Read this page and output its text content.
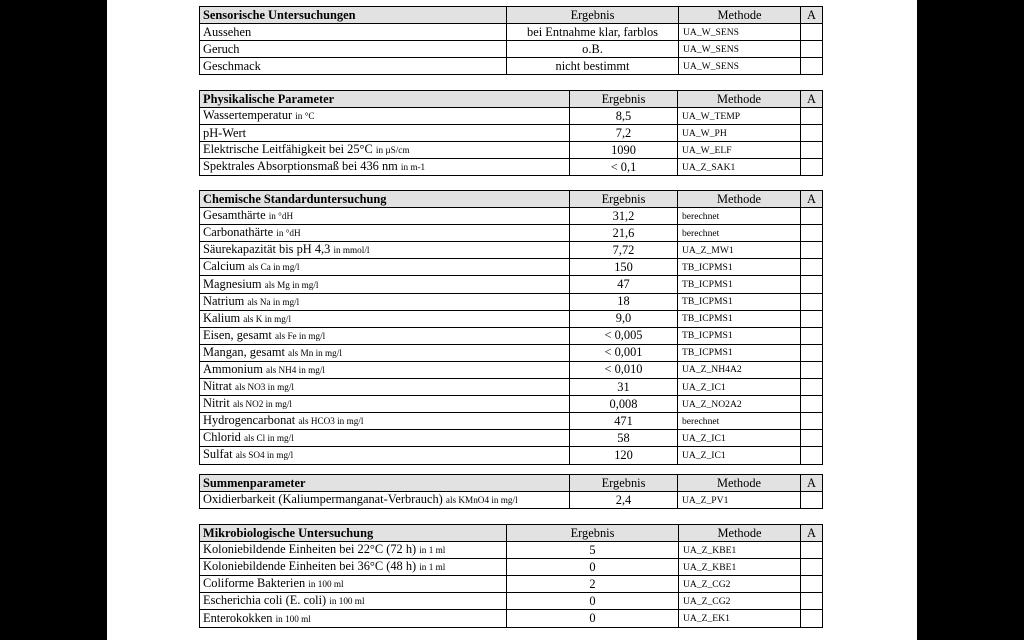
Sensorische Untersuchungen	Ergebnis	Methode	A
Aussehen	bei Entnahme klar, farblos	UA_W_SENS	
Geruch	o.B.	UA_W_SENS	
Geschmack	nicht bestimmt	UA_W_SENS	
Physikalische Parameter	Ergebnis	Methode	A
Wassertemperatur in °C	8,5	UA_W_TEMP	
pH-Wert	7,2	UA_W_PH	
Elektrische Leitfähigkeit bei 25°C in µS/cm	1090	UA_W_ELF	
Spektrales Absorptionsmaß bei 436 nm in m-1	< 0,1	UA_Z_SAK1	
Chemische Standarduntersuchung	Ergebnis	Methode	A
Gesamthärte in °dH	31,2	berechnet	
Carbonathärte in °dH	21,6	berechnet	
Säurekapazität bis pH 4,3 in mmol/l	7,72	UA_Z_MW1	
Calcium als Ca in mg/l	150	TB_ICPMS1	
Magnesium als Mg in mg/l	47	TB_ICPMS1	
Natrium als Na in mg/l	18	TB_ICPMS1	
Kalium als K in mg/l	9,0	TB_ICPMS1	
Eisen, gesamt als Fe in mg/l	< 0,005	TB_ICPMS1	
Mangan, gesamt als Mn in mg/l	< 0,001	TB_ICPMS1	
Ammonium als NH4 in mg/l	< 0,010	UA_Z_NH4A2	
Nitrat als NO3 in mg/l	31	UA_Z_IC1	
Nitrit als NO2 in mg/l	0,008	UA_Z_NO2A2	
Hydrogencarbonat als HCO3 in mg/l	471	berechnet	
Chlorid als Cl in mg/l	58	UA_Z_IC1	
Sulfat als SO4 in mg/l	120	UA_Z_IC1	
Summenparameter	Ergebnis	Methode	A
Oxidierbarkeit (Kaliumpermanganat-Verbrauch) als KMnO4 in mg/l	2,4	UA_Z_PV1	
Mikrobiologische Untersuchung	Ergebnis	Methode	A
Koloniebildende Einheiten bei 22°C (72 h) in 1 ml	5	UA_Z_KBE1	
Koloniebildende Einheiten bei 36°C (48 h) in 1 ml	0	UA_Z_KBE1	
Coliforme Bakterien in 100 ml	2	UA_Z_CG2	
Escherichia coli (E. coli) in 100 ml	0	UA_Z_CG2	
Enterokokken in 100 ml	0	UA_Z_EK1	
